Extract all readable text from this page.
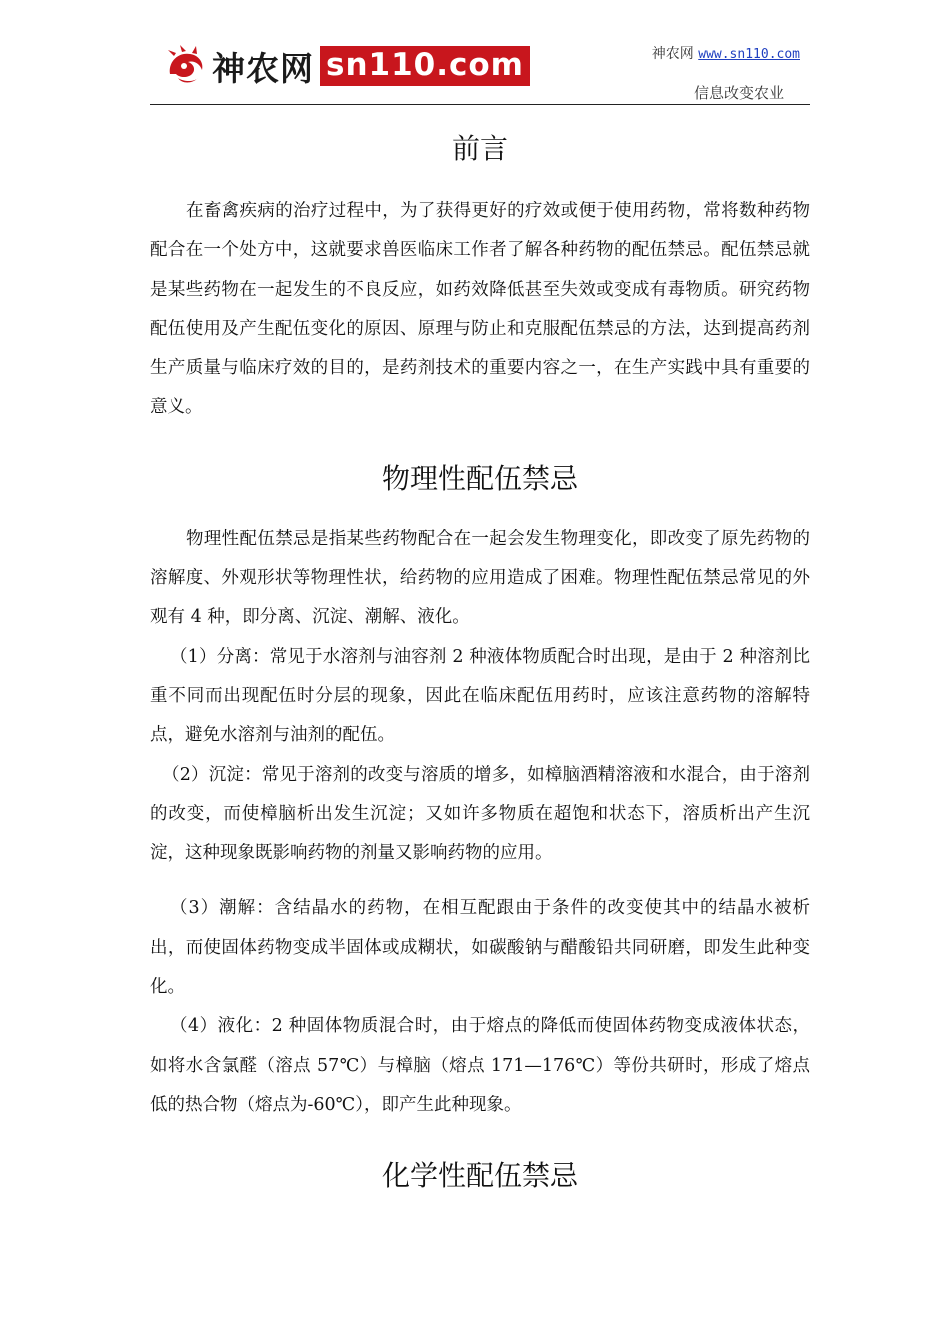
神农网 sn110.com	神农网 www.sn110.com
信息改变农业
前言

在畜禽疾病的治疗过程中，为了获得更好的疗效或便于使用药物，常将数种药物配合在一个处方中，这就要求兽医临床工作者了解各种药物的配伍禁忌。配伍禁忌就是某些药物在一起发生的不良反应，如药效降低甚至失效或变成有毒物质。研究药物配伍使用及产生配伍变化的原因、原理与防止和克服配伍禁忌的方法，达到提高药剂生产质量与临床疗效的目的，是药剂技术的重要内容之一，在生产实践中具有重要的意义。

物理性配伍禁忌

物理性配伍禁忌是指某些药物配合在一起会发生物理变化，即改变了原先药物的溶解度、外观形状等物理性状，给药物的应用造成了困难。物理性配伍禁忌常见的外观有 4 种，即分离、沉淀、潮解、液化。

（1）分离：常见于水溶剂与油容剂 2 种液体物质配合时出现，是由于 2 种溶剂比重不同而出现配伍时分层的现象，因此在临床配伍用药时，应该注意药物的溶解特点，避免水溶剂与油剂的配伍。

（2）沉淀：常见于溶剂的改变与溶质的增多，如樟脑酒精溶液和水混合，由于溶剂的改变，而使樟脑析出发生沉淀；又如许多物质在超饱和状态下，溶质析出产生沉淀，这种现象既影响药物的剂量又影响药物的应用。

（3）潮解：含结晶水的药物，在相互配跟由于条件的改变使其中的结晶水被析出，而使固体药物变成半固体或成糊状，如碳酸钠与醋酸铅共同研磨，即发生此种变化。

（4）液化：2 种固体物质混合时，由于熔点的降低而使固体药物变成液体状态，如将水含氯醛（溶点 57℃）与樟脑（熔点 171—176℃）等份共研时，形成了熔点低的热合物（熔点为-60℃），即产生此种现象。

化学性配伍禁忌
